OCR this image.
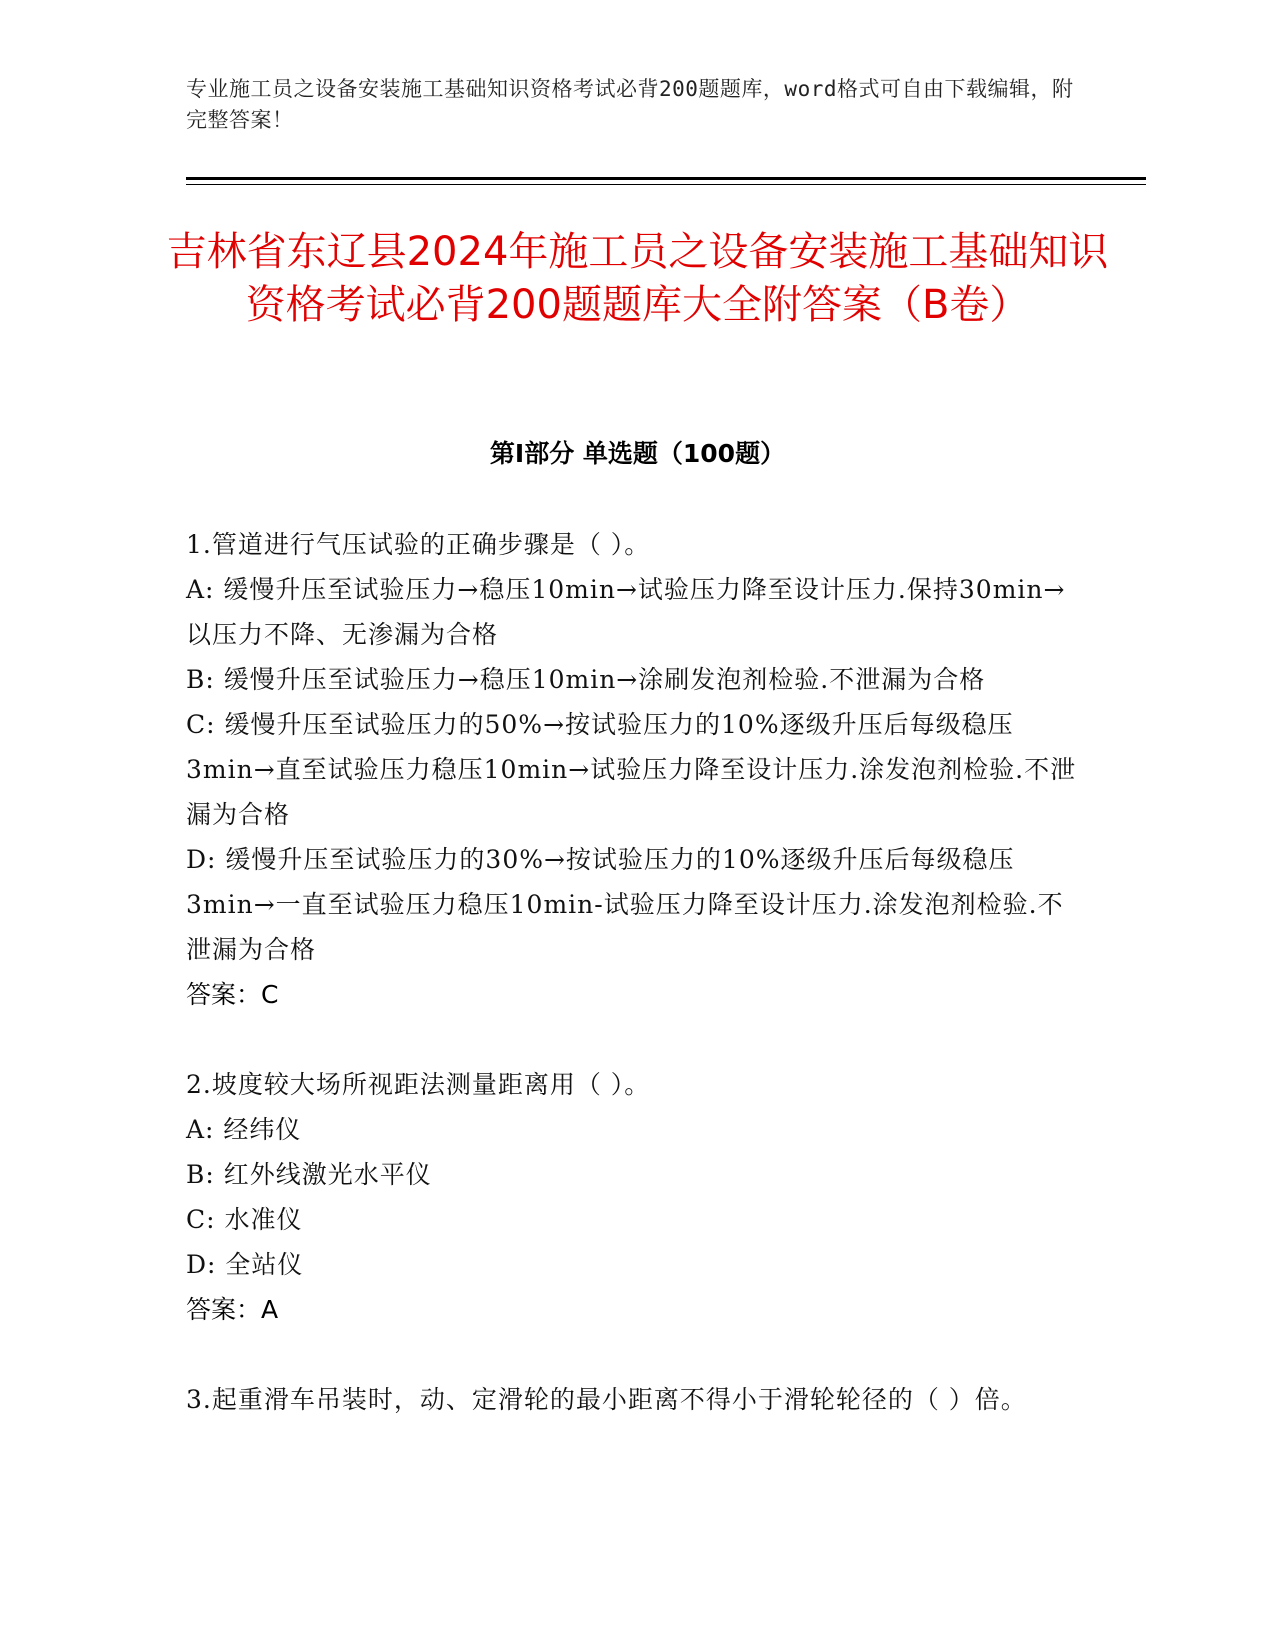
专业施工员之设备安装施工基础知识资格考试必背200题题库，word格式可自由下载编辑，附完整答案！
吉林省东辽县2024年施工员之设备安装施工基础知识资格考试必背200题题库大全附答案（B卷）
第I部分 单选题（100题）

1.管道进行气压试验的正确步骤是（ ）。

A: 缓慢升压至试验压力→稳压10min→试验压力降至设计压力.保持30min→以压力不降、无渗漏为合格

B: 缓慢升压至试验压力→稳压10min→涂刷发泡剂检验.不泄漏为合格

C: 缓慢升压至试验压力的50%→按试验压力的10%逐级升压后每级稳压3min→直至试验压力稳压10min→试验压力降至设计压力.涂发泡剂检验.不泄漏为合格

D: 缓慢升压至试验压力的30%→按试验压力的10%逐级升压后每级稳压3min→一直至试验压力稳压10min-试验压力降至设计压力.涂发泡剂检验.不泄漏为合格

答案：C

2.坡度较大场所视距法测量距离用（ ）。

A: 经纬仪

B: 红外线激光水平仪

C: 水准仪

D: 全站仪

答案：A

3.起重滑车吊装时，动、定滑轮的最小距离不得小于滑轮轮径的（ ）倍。
